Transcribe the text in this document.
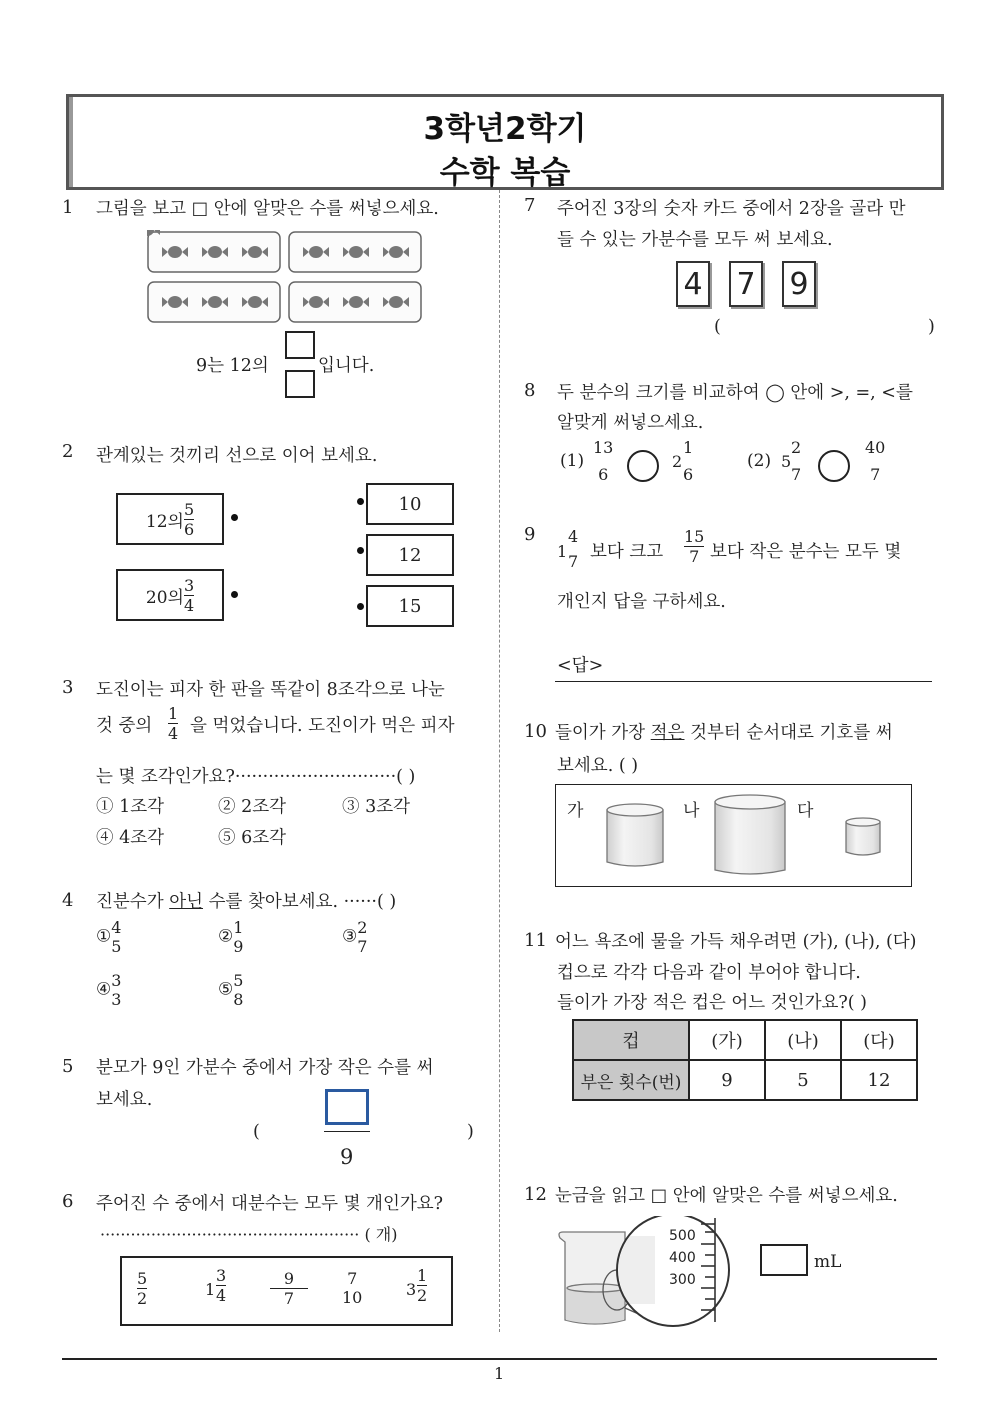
3학년2학기
수학 복습
1 그림을 보고 □ 안에 알맞은 수를 써넣으세요.
9는 12의	입니다.
2 관계있는 것끼리 선으로 이어 보세요.
12의 $\frac{5}{6}$
20의 $\frac{3}{4}$
10
12
15
3 도진이는 피자 한 판을 똑같이 8조각으로 나눈
것 중의 $\frac{1}{4}$ 을 먹었습니다. 도진이가 먹은 피자
는 몇 조각인가요?·····························( )
① 1조각	② 2조각	③ 3조각
④ 4조각	⑤ 6조각
4 진분수가 아닌 수를 찾아보세요. ······( )
① 4
5	② 1
9	③ 2
7
④ 3
3	⑤ 5
8
5 분모가 9인 가분수 중에서 가장 작은 수를 써
보세요.
(	)
9
6 주어진 수 중에서 대분수는 모두 몇 개인가요?
··················································· ( 개)
$\frac{5}{2}$	$1 \frac{3}{4}$	$\frac{9}{7}$	7
10	$3 \frac{1}{2}$
7 주어진 3장의 숫자 카드 중에서 2장을 골라 만
들 수 있는 가분수를 모두 써 보세요.
4 7 9
(	)
8 두 분수의 크기를 비교하여 ◯ 안에 >, =, <를
알맞게 써넣으세요.
(1)
13
6
2
1
6
(2) 5
2
7
40
7
9
1
4
7 보다 크고 $\frac{15}{7}$ 보다 작은 분수는 모두 몇
개인지 답을 구하세요.
<답>
10 들이가 가장 적은 것부터 순서대로 기호를 써
보세요. ( )
가	나	다
11 어느 욕조에 물을 가득 채우려면 (가), (나), (다)
컵으로 각각 다음과 같이 부어야 합니다.
들이가 가장 적은 컵은 어느 것인가요?( )
컵	(가)	(나)	(다)
부은 횟수(번)	9	5	12
12 눈금을 읽고 □ 안에 알맞은 수를 써넣으세요.
500
400
300
mL
1
